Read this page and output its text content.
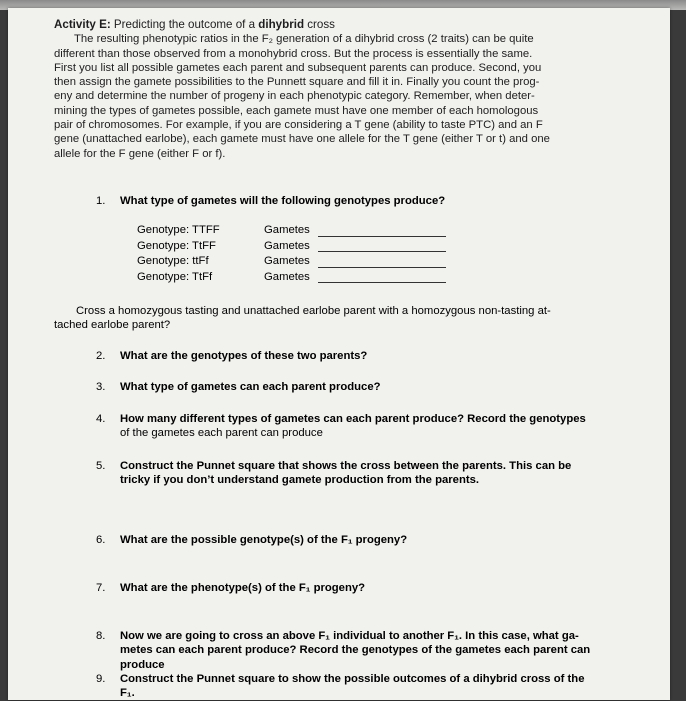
Activity E: Predicting the outcome of a dihybrid cross
The resulting phenotypic ratios in the F₂ generation of a dihybrid cross (2 traits) can be quite
different than those observed from a monohybrid cross. But the process is essentially the same.
First you list all possible gametes each parent and subsequent parents can produce. Second, you
then assign the gamete possibilities to the Punnett square and fill it in. Finally you count the prog-
eny and determine the number of progeny in each phenotypic category. Remember, when deter-
mining the types of gametes possible, each gamete must have one member of each homologous
pair of chromosomes. For example, if you are considering a T gene (ability to taste PTC) and an F
gene (unattached earlobe), each gamete must have one allele for the T gene (either T or t) and one
allele for the F gene (either F or f).
1. What type of gametes will the following genotypes produce?
Genotype: TTFF
Genotype: TtFF
Genotype: ttFf
Genotype: TtFf
Gametes
Gametes
Gametes
Gametes
Cross a homozygous tasting and unattached earlobe parent with a homozygous non-tasting at-
tached earlobe parent?
2. What are the genotypes of these two parents?
3. What type of gametes can each parent produce?
4. How many different types of gametes can each parent produce? Record the genotypes
of the gametes each parent can produce
5. Construct the Punnet square that shows the cross between the parents. This can be
tricky if you don’t understand gamete production from the parents.
6. What are the possible genotype(s) of the F₁ progeny?
7. What are the phenotype(s) of the F₁ progeny?
8. Now we are going to cross an above F₁ individual to another F₁. In this case, what ga-
metes can each parent produce? Record the genotypes of the gametes each parent can
produce
9. Construct the Punnet square to show the possible outcomes of a dihybrid cross of the
F₁.
